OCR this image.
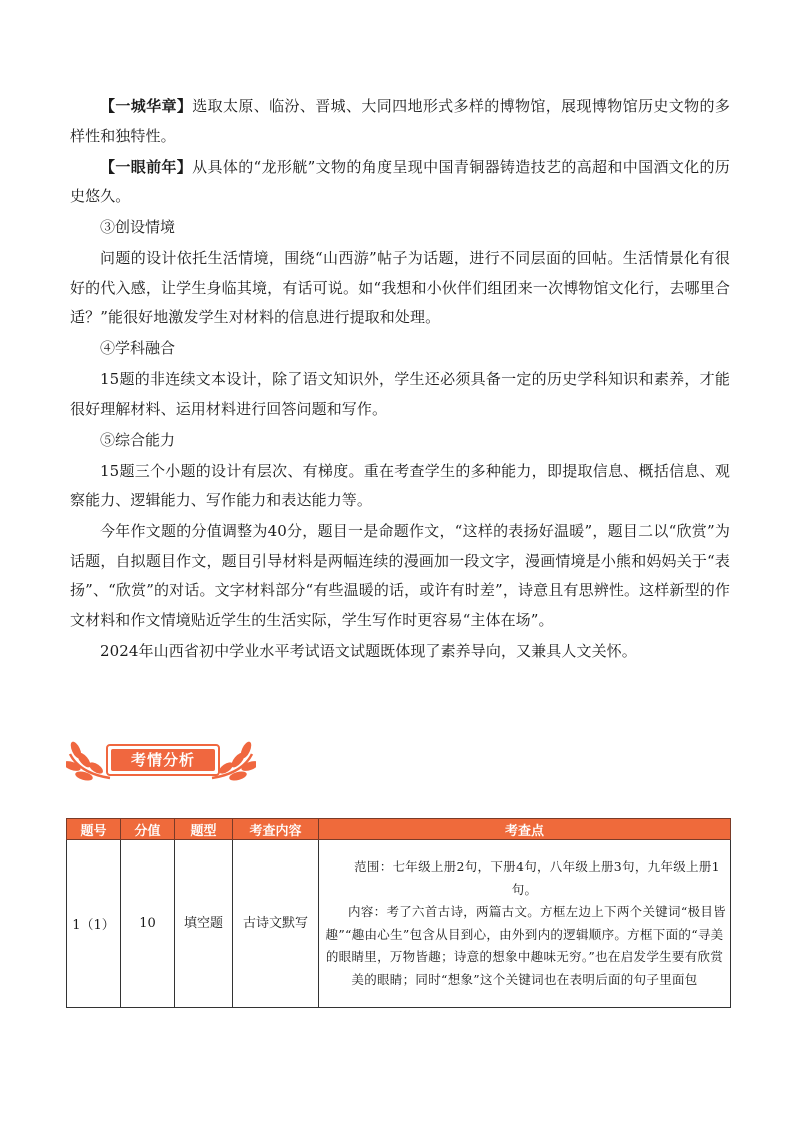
【一城华章】选取太原、临汾、晋城、大同四地形式多样的博物馆，展现博物馆历史文物的多样性和独特性。

【一眼前年】从具体的“龙形觥”文物的角度呈现中国青铜器铸造技艺的高超和中国酒文化的历史悠久。

③创设情境

问题的设计依托生活情境，围绕“山西游”帖子为话题，进行不同层面的回帖。生活情景化有很好的代入感，让学生身临其境，有话可说。如“我想和小伙伴们组团来一次博物馆文化行，去哪里合适？”能很好地激发学生对材料的信息进行提取和处理。

④学科融合

15题的非连续文本设计，除了语文知识外，学生还必须具备一定的历史学科知识和素养，才能很好理解材料、运用材料进行回答问题和写作。

⑤综合能力

15题三个小题的设计有层次、有梯度。重在考查学生的多种能力，即提取信息、概括信息、观察能力、逻辑能力、写作能力和表达能力等。

今年作文题的分值调整为40分，题目一是命题作文，“这样的表扬好温暖”，题目二以“欣赏”为话题，自拟题目作文，题目引导材料是两幅连续的漫画加一段文字，漫画情境是小熊和妈妈关于“表扬”、“欣赏”的对话。文字材料部分“有些温暖的话，或许有时差”，诗意且有思辨性。这样新型的作文材料和作文情境贴近学生的生活实际，学生写作时更容易“主体在场”。

2024年山西省初中学业水平考试语文试题既体现了素养导向，又兼具人文关怀。

考情分析
题号	分值	题型	考查内容	考查点
1（1）	10	填空题	古诗文默写	范围：七年级上册2句，下册4句，八年级上册3句，九年级上册1句。

内容：考了六首古诗，两篇古文。方框左边上下两个关键词“极目皆趣”“趣由心生”包含从目到心，由外到内的逻辑顺序。方框下面的“寻美的眼睛里，万物皆趣；诗意的想象中趣味无穷。”也在启发学生要有欣赏美的眼睛；同时“想象”这个关键词也在表明后面的句子里面包
